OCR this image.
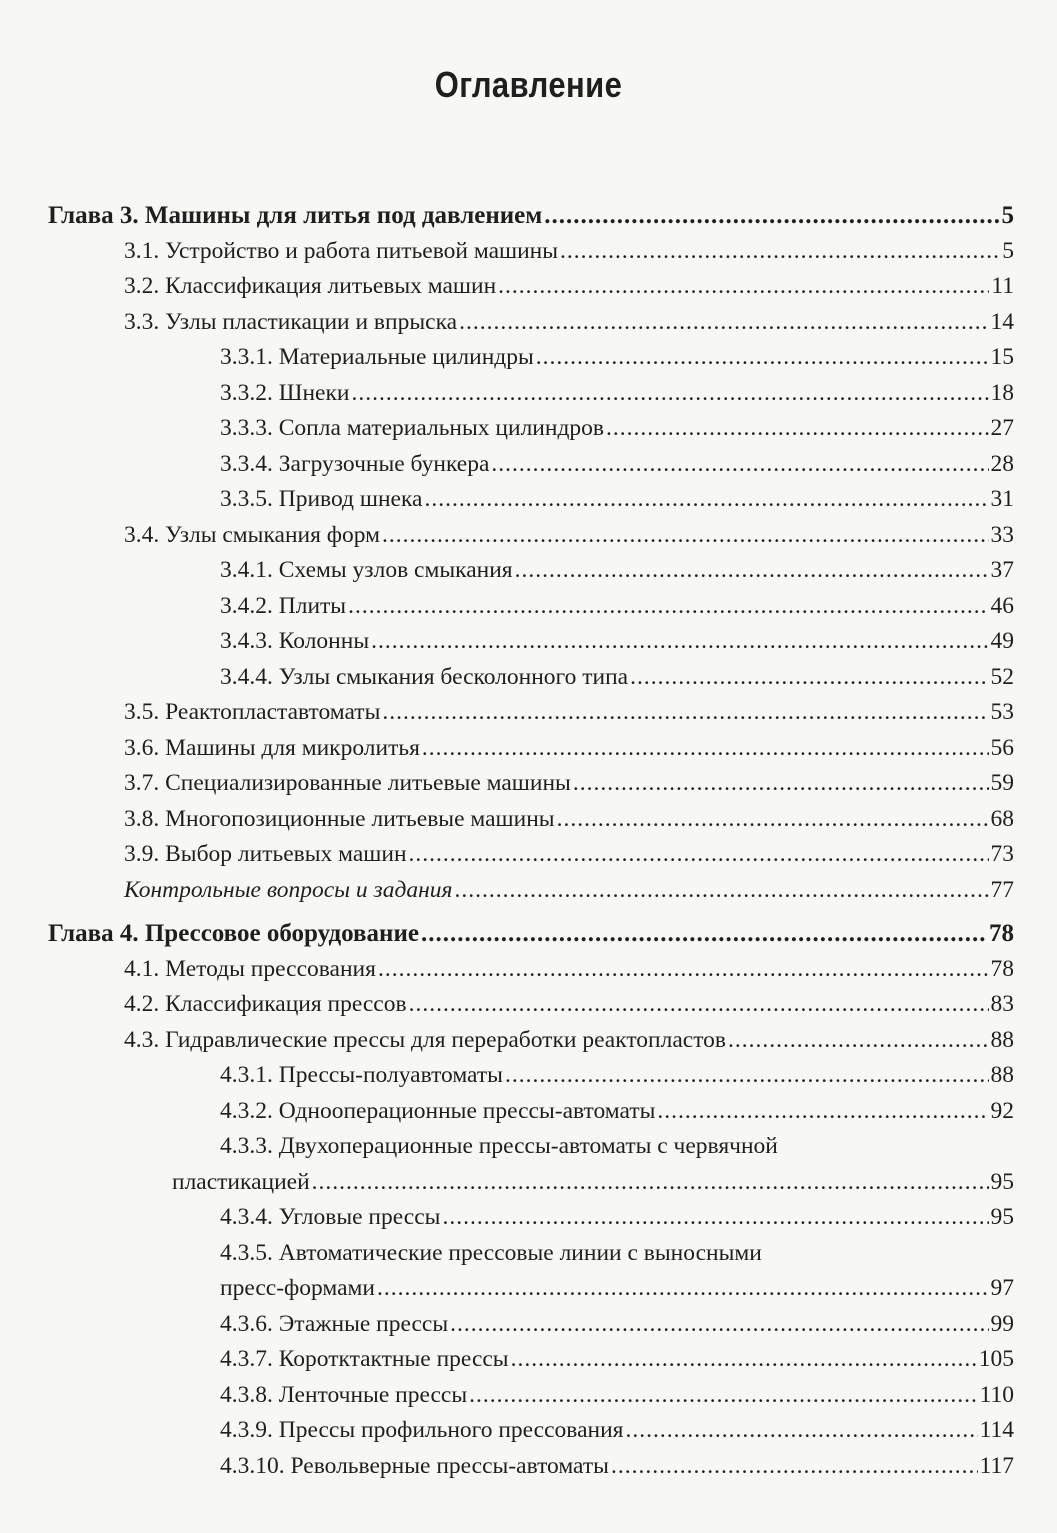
Оглавление
Глава 3. Машины для литья под давлением .....	5
3.1. Устройство и работа питьевой машины .....	5
3.2. Классификация литьевых машин .....	11
3.3. Узлы пластикации и впрыска .....	14
3.3.1. Материальные цилиндры .....	15
3.3.2. Шнеки .....	18
3.3.3. Сопла материальных цилиндров .....	27
3.3.4. Загрузочные бункера .....	28
3.3.5. Привод шнека .....	31
3.4. Узлы смыкания форм .....	33
3.4.1. Схемы узлов смыкания .....	37
3.4.2. Плиты .....	46
3.4.3. Колонны .....	49
3.4.4. Узлы смыкания бесколонного типа .....	52
3.5. Реактопластавтоматы .....	53
3.6. Машины для микролитья .....	56
3.7. Специализированные литьевые машины .....	59
3.8. Многопозиционные литьевые машины .....	68
3.9. Выбор литьевых машин .....	73
Контрольные вопросы и задания .....	77
Глава 4. Прессовое оборудование .....	78
4.1. Методы прессования .....	78
4.2. Классификация прессов .....	83
4.3. Гидравлические прессы для переработки реактопластов .....	88
4.3.1. Прессы-полуавтоматы .....	88
4.3.2. Однооперационные прессы-автоматы .....	92
4.3.3. Двухоперационные прессы-автоматы с червячной
пластикацией .....	95
4.3.4. Угловые прессы .....	95
4.3.5. Автоматические прессовые линии с выносными
пресс-формами .....	97
4.3.6. Этажные прессы .....	99
4.3.7. Коротктактные прессы .....	105
4.3.8. Ленточные прессы .....	110
4.3.9. Прессы профильного прессования .....	114
4.3.10. Револьверные прессы-автоматы .....	117
